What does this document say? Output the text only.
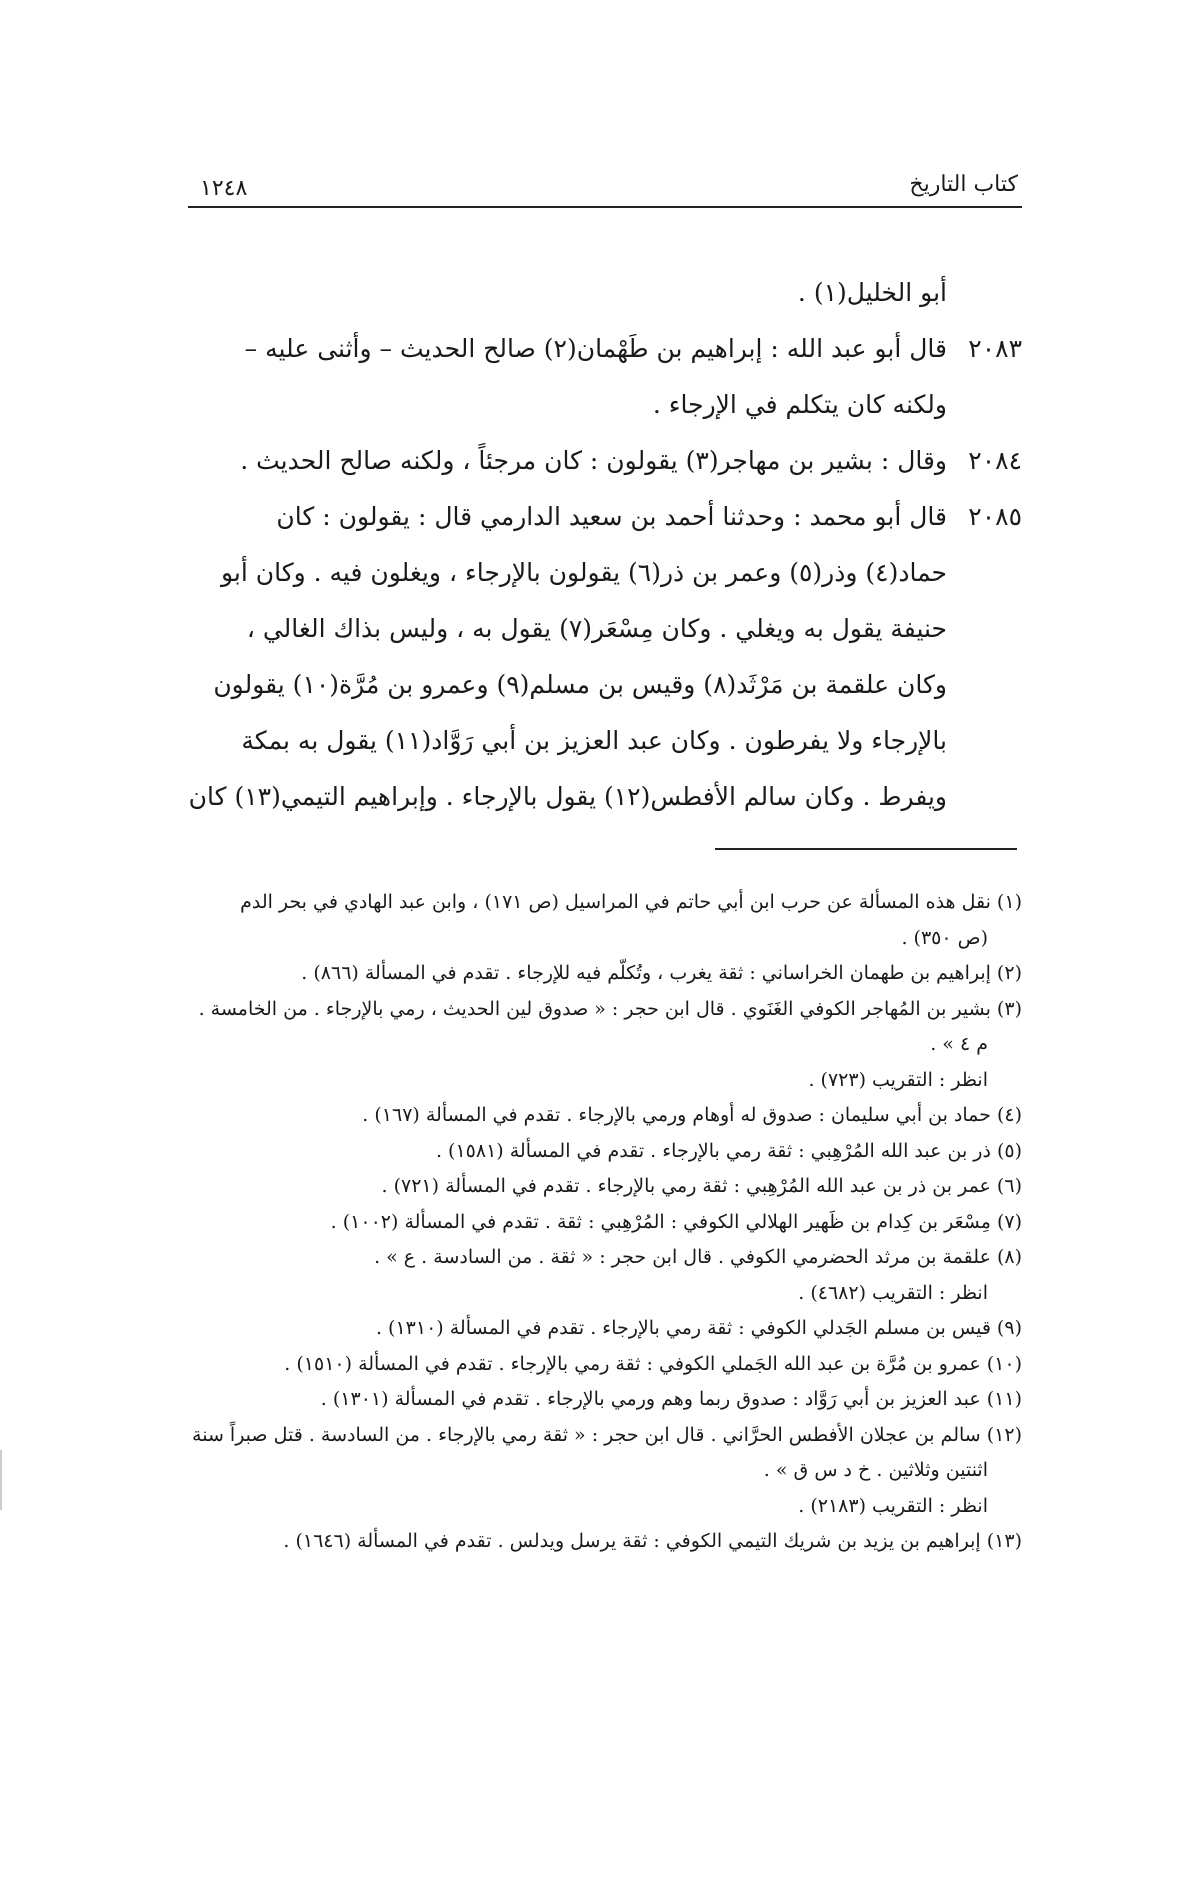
كتاب التاريخ
١٢٤٨
أبو الخليل(١) .
٢٠٨٣
قال أبو عبد الله : إبراهيم بن طَهْمان(٢) صالح الحديث – وأثنى عليه –
ولكنه كان يتكلم في الإرجاء .
٢٠٨٤
وقال : بشير بن مهاجر(٣) يقولون : كان مرجئاً ، ولكنه صالح الحديث .
٢٠٨٥
قال أبو محمد : وحدثنا أحمد بن سعيد الدارمي قال : يقولون : كان
حماد(٤) وذر(٥) وعمر بن ذر(٦) يقولون بالإرجاء ، ويغلون فيه . وكان أبو
حنيفة يقول به ويغلي . وكان مِسْعَر(٧) يقول به ، وليس بذاك الغالي ،
وكان علقمة بن مَرْثَد(٨) وقيس بن مسلم(٩) وعمرو بن مُرَّة(١٠) يقولون
بالإرجاء ولا يفرطون . وكان عبد العزيز بن أبي رَوَّاد(١١) يقول به بمكة
ويفرط . وكان سالم الأفطس(١٢) يقول بالإرجاء . وإبراهيم التيمي(١٣) كان
(١) نقل هذه المسألة عن حرب ابن أبي حاتم في المراسيل (ص ١٧١) ، وابن عبد الهادي في بحر الدم
(ص ٣٥٠) .
(٢) إبراهيم بن طهمان الخراساني : ثقة يغرب ، وتُكلّم فيه للإرجاء . تقدم في المسألة (٨٦٦) .
(٣) بشير بن المُهاجر الكوفي الغَنَوي . قال ابن حجر : « صدوق لين الحديث ، رمي بالإرجاء . من الخامسة .
م ٤ » .
انظر : التقريب (٧٢٣) .
(٤) حماد بن أبي سليمان : صدوق له أوهام ورمي بالإرجاء . تقدم في المسألة (١٦٧) .
(٥) ذر بن عبد الله المُرْهِبي : ثقة رمي بالإرجاء . تقدم في المسألة (١٥٨١) .
(٦) عمر بن ذر بن عبد الله المُرْهِبي : ثقة رمي بالإرجاء . تقدم في المسألة (٧٢١) .
(٧) مِسْعَر بن كِدام بن ظَهير الهلالي الكوفي : المُرْهِبي : ثقة . تقدم في المسألة (١٠٠٢) .
(٨) علقمة بن مرثد الحضرمي الكوفي . قال ابن حجر : « ثقة . من السادسة . ع » .
انظر : التقريب (٤٦٨٢) .
(٩) قيس بن مسلم الجَدلي الكوفي : ثقة رمي بالإرجاء . تقدم في المسألة (١٣١٠) .
(١٠) عمرو بن مُرَّة بن عبد الله الجَملي الكوفي : ثقة رمي بالإرجاء . تقدم في المسألة (١٥١٠) .
(١١) عبد العزيز بن أبي رَوَّاد : صدوق ربما وهم ورمي بالإرجاء . تقدم في المسألة (١٣٠١) .
(١٢) سالم بن عجلان الأفطس الحرَّاني . قال ابن حجر : « ثقة رمي بالإرجاء . من السادسة . قتل صبراً سنة
اثنتين وثلاثين . خ د س ق » .
انظر : التقريب (٢١٨٣) .
(١٣) إبراهيم بن يزيد بن شريك التيمي الكوفي : ثقة يرسل ويدلس . تقدم في المسألة (١٦٤٦) .
